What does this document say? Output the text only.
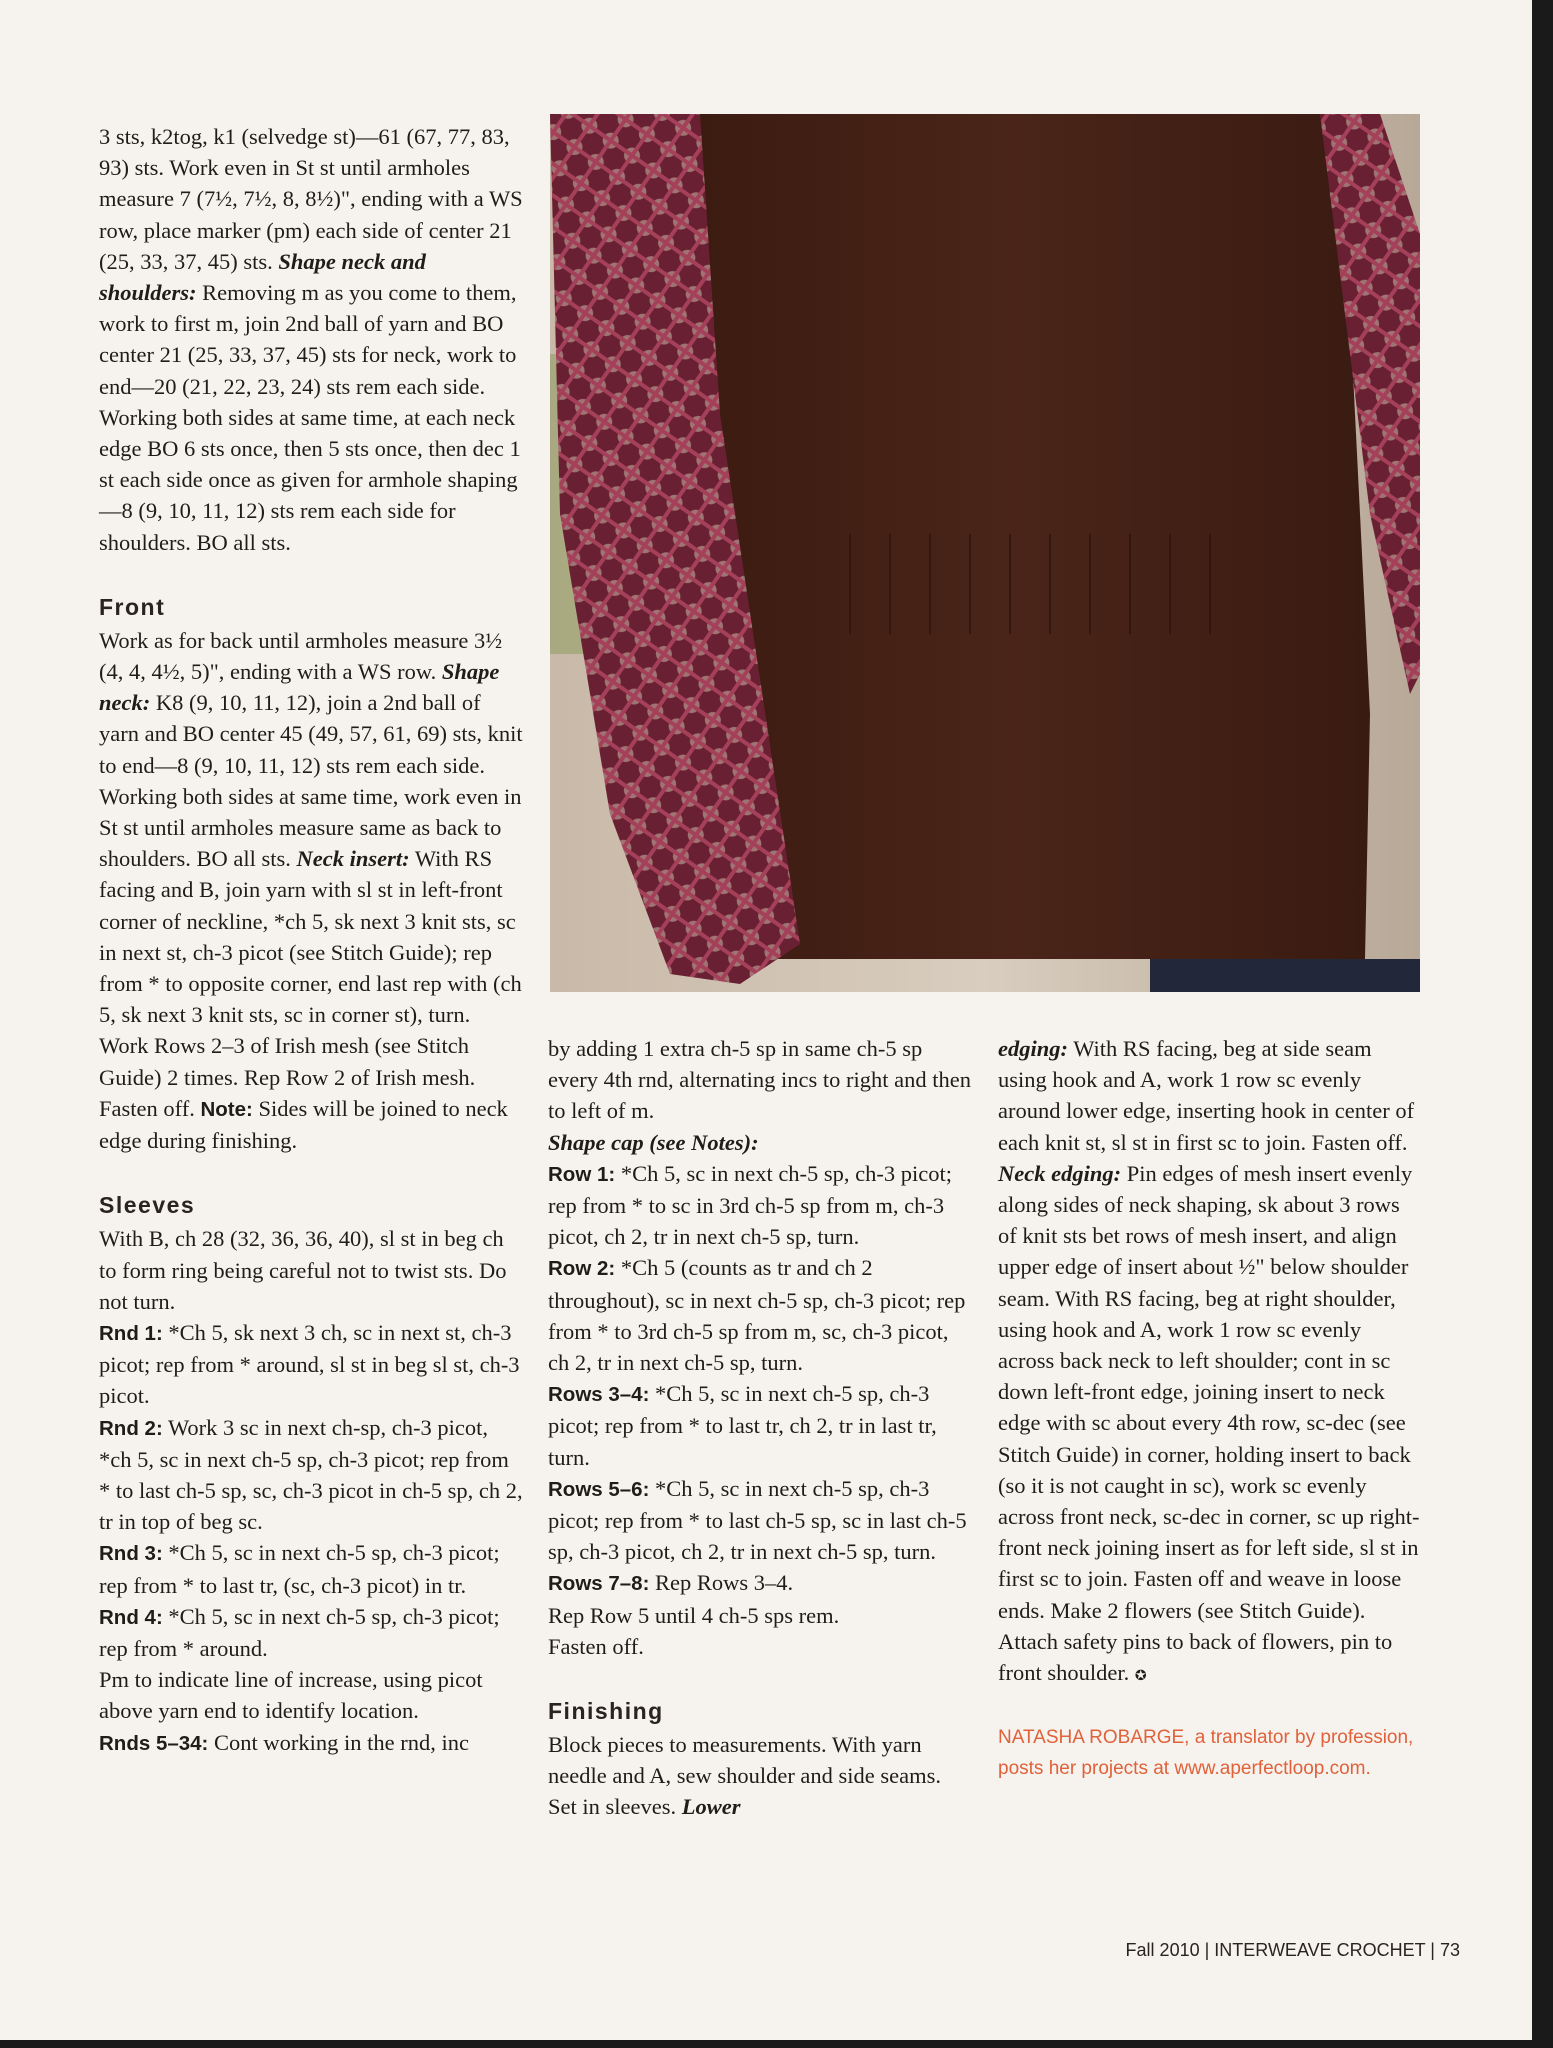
3 sts, k2tog, k1 (selvedge st)—61 (67, 77, 83, 93) sts. Work even in St st until armholes measure 7 (7½, 7½, 8, 8½)", ending with a WS row, place marker (pm) each side of center 21 (25, 33, 37, 45) sts. Shape neck and shoulders: Removing m as you come to them, work to first m, join 2nd ball of yarn and BO center 21 (25, 33, 37, 45) sts for neck, work to end—20 (21, 22, 23, 24) sts rem each side. Working both sides at same time, at each neck edge BO 6 sts once, then 5 sts once, then dec 1 st each side once as given for armhole shaping—8 (9, 10, 11, 12) sts rem each side for shoulders. BO all sts.

Front

Work as for back until armholes measure 3½ (4, 4, 4½, 5)", ending with a WS row. Shape neck: K8 (9, 10, 11, 12), join a 2nd ball of yarn and BO center 45 (49, 57, 61, 69) sts, knit to end—8 (9, 10, 11, 12) sts rem each side. Working both sides at same time, work even in St st until armholes measure same as back to shoulders. BO all sts. Neck insert: With RS facing and B, join yarn with sl st in left-front corner of neckline, *ch 5, sk next 3 knit sts, sc in next st, ch-3 picot (see Stitch Guide); rep from * to opposite corner, end last rep with (ch 5, sk next 3 knit sts, sc in corner st), turn. Work Rows 2–3 of Irish mesh (see Stitch Guide) 2 times. Rep Row 2 of Irish mesh. Fasten off. Note: Sides will be joined to neck edge during finishing.

Sleeves

With B, ch 28 (32, 36, 36, 40), sl st in beg ch to form ring being careful not to twist sts. Do not turn.

Rnd 1: *Ch 5, sk next 3 ch, sc in next st, ch-3 picot; rep from * around, sl st in beg sl st, ch-3 picot.

Rnd 2: Work 3 sc in next ch-sp, ch-3 picot, *ch 5, sc in next ch-5 sp, ch-3 picot; rep from * to last ch-5 sp, sc, ch-3 picot in ch-5 sp, ch 2, tr in top of beg sc.

Rnd 3: *Ch 5, sc in next ch-5 sp, ch-3 picot; rep from * to last tr, (sc, ch-3 picot) in tr.

Rnd 4: *Ch 5, sc in next ch-5 sp, ch-3 picot; rep from * around.

Pm to indicate line of increase, using picot above yarn end to identify location.

Rnds 5–34: Cont working in the rnd, inc

by adding 1 extra ch-5 sp in same ch-5 sp every 4th rnd, alternating incs to right and then to left of m.

Shape cap (see Notes):

Row 1: *Ch 5, sc in next ch-5 sp, ch-3 picot; rep from * to sc in 3rd ch-5 sp from m, ch-3 picot, ch 2, tr in next ch-5 sp, turn.

Row 2: *Ch 5 (counts as tr and ch 2 throughout), sc in next ch-5 sp, ch-3 picot; rep from * to 3rd ch-5 sp from m, sc, ch-3 picot, ch 2, tr in next ch-5 sp, turn.

Rows 3–4: *Ch 5, sc in next ch-5 sp, ch-3 picot; rep from * to last tr, ch 2, tr in last tr, turn.

Rows 5–6: *Ch 5, sc in next ch-5 sp, ch-3 picot; rep from * to last ch-5 sp, sc in last ch-5 sp, ch-3 picot, ch 2, tr in next ch-5 sp, turn.

Rows 7–8: Rep Rows 3–4.

Rep Row 5 until 4 ch-5 sps rem.

Fasten off.

Finishing

Block pieces to measurements. With yarn needle and A, sew shoulder and side seams. Set in sleeves. Lower

edging: With RS facing, beg at side seam using hook and A, work 1 row sc evenly around lower edge, inserting hook in center of each knit st, sl st in first sc to join. Fasten off. Neck edging: Pin edges of mesh insert evenly along sides of neck shaping, sk about 3 rows of knit sts bet rows of mesh insert, and align upper edge of insert about ½" below shoulder seam. With RS facing, beg at right shoulder, using hook and A, work 1 row sc evenly across back neck to left shoulder; cont in sc down left-front edge, joining insert to neck edge with sc about every 4th row, sc-dec (see Stitch Guide) in corner, holding insert to back (so it is not caught in sc), work sc evenly across front neck, sc-dec in corner, sc up right-front neck joining insert as for left side, sl st in first sc to join. Fasten off and weave in loose ends. Make 2 flowers (see Stitch Guide). Attach safety pins to back of flowers, pin to front shoulder. ✪

NATASHA ROBARGE, a translator by profession, posts her projects at www.aperfectloop.com.

Fall 2010 | INTERWEAVE CROCHET | 73
